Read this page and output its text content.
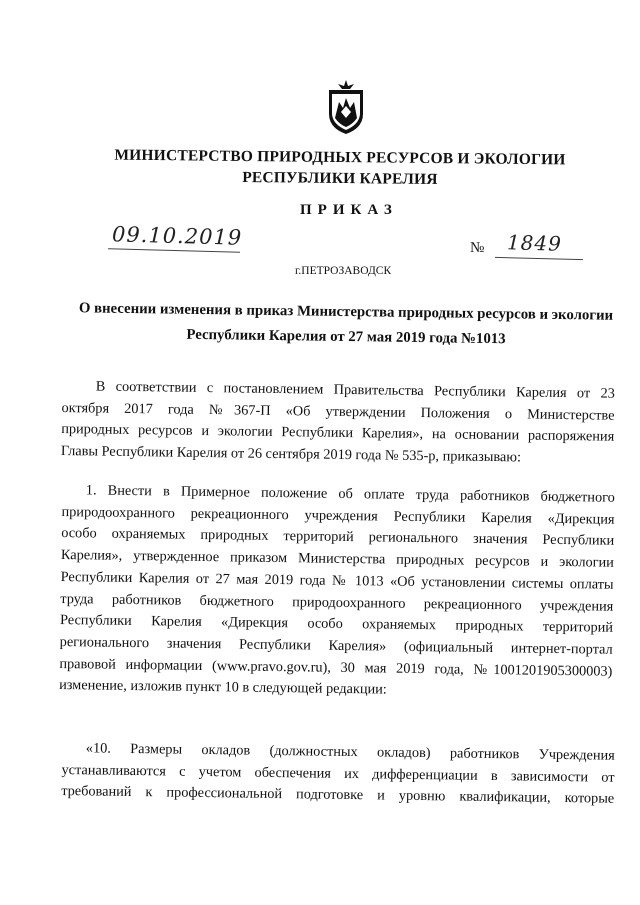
МИНИСТЕРСТВО ПРИРОДНЫХ РЕСУРСОВ И ЭКОЛОГИИ
РЕСПУБЛИКИ КАРЕЛИЯ
ПРИКАЗ
09.10.2019	№ 1849
г.ПЕТРОЗАВОДСК
О внесении изменения в приказ Министерства природных ресурсов и экологии
Республики Карелия от 27 мая 2019 года №1013

В соответствии с постановлением Правительства Республики Карелия от 23

октября 2017 года №367-П «Об утверждении Положения о Министерстве

природных ресурсов и экологии Республики Карелия», на основании распоряжения

Главы Республики Карелия от 26 сентября 2019 года № 535-р, приказываю:

1. Внести в Примерное положение об оплате труда работников бюджетного

природоохранного рекреационного учреждения Республики Карелия «Дирекция

особо охраняемых природных территорий регионального значения Республики

Карелия», утвержденное приказом Министерства природных ресурсов и экологии

Республики Карелия от 27 мая 2019 года № 1013 «Об установлении системы оплаты

труда работников бюджетного природоохранного рекреационного учреждения

Республики Карелия «Дирекция особо охраняемых природных территорий

регионального значения Республики Карелия» (официальный интернет-портал

правовой информации (www.pravo.gov.ru), 30 мая 2019 года, №1001201905300003)

изменение, изложив пункт 10 в следующей редакции:

«10. Размеры окладов (должностных окладов) работников Учреждения

устанавливаются с учетом обеспечения их дифференциации в зависимости от

требований к профессиональной подготовке и уровню квалификации, которые
